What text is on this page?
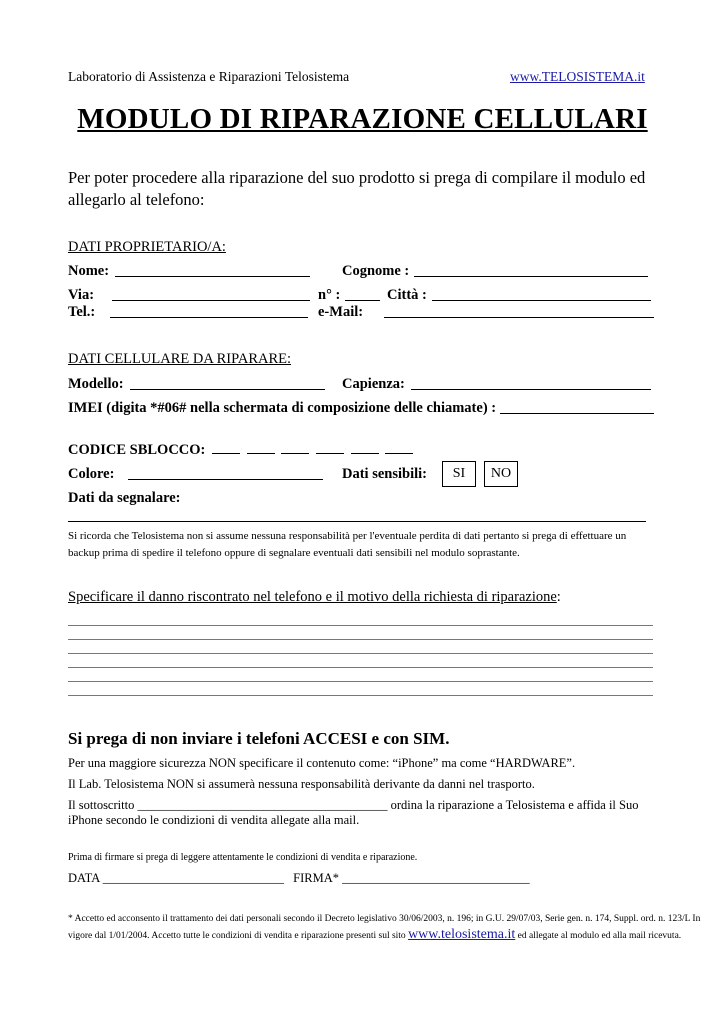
Laboratorio di Assistenza e Riparazioni Telosistema	www.TELOSISTEMA.it
MODULO DI RIPARAZIONE CELLULARI
Per poter procedere alla riparazione del suo prodotto si prega di compilare il modulo ed allegarlo al telefono:
DATI PROPRIETARIO/A:
Nome:	Cognome :
Via:	n° :	Città :
Tel.:	e-Mail:
DATI CELLULARE DA RIPARARE:
Modello:	Capienza:
IMEI (digita *#06# nella schermata di composizione delle chiamate) :
CODICE SBLOCCO:
Colore:	Dati sensibili:	SI	NO
Dati da segnalare:
Si ricorda che Telosistema non si assume nessuna responsabilità per l'eventuale perdita di dati pertanto si prega di effettuare un backup prima di spedire il telefono oppure di segnalare eventuali dati sensibili nel modulo soprastante.
Specificare il danno riscontrato nel telefono e il motivo della richiesta di riparazione:
Si prega di non inviare i telefoni ACCESI e con SIM.
Per una maggiore sicurezza NON specificare il contenuto come: “iPhone” ma come “HARDWARE”.
Il Lab. Telosistema NON si assumerà nessuna responsabilità derivante da danni nel trasporto.
Il sottoscritto ________________________________________ ordina la riparazione a Telosistema e affida il Suo
iPhone secondo le condizioni di vendita allegate alla mail.
Prima di firmare si prega di leggere attentamente le condizioni di vendita e riparazione.
DATA _____________________________ FIRMA* ______________________________
* Accetto ed acconsento il trattamento dei dati personali secondo il Decreto legislativo 30/06/2003, n. 196; in G.U. 29/07/03, Serie gen. n. 174, Suppl. ord. n. 123/L In
vigore dal 1/01/2004. Accetto tutte le condizioni di vendita e riparazione presenti sul sito www.telosistema.it ed allegate al modulo ed alla mail ricevuta.
